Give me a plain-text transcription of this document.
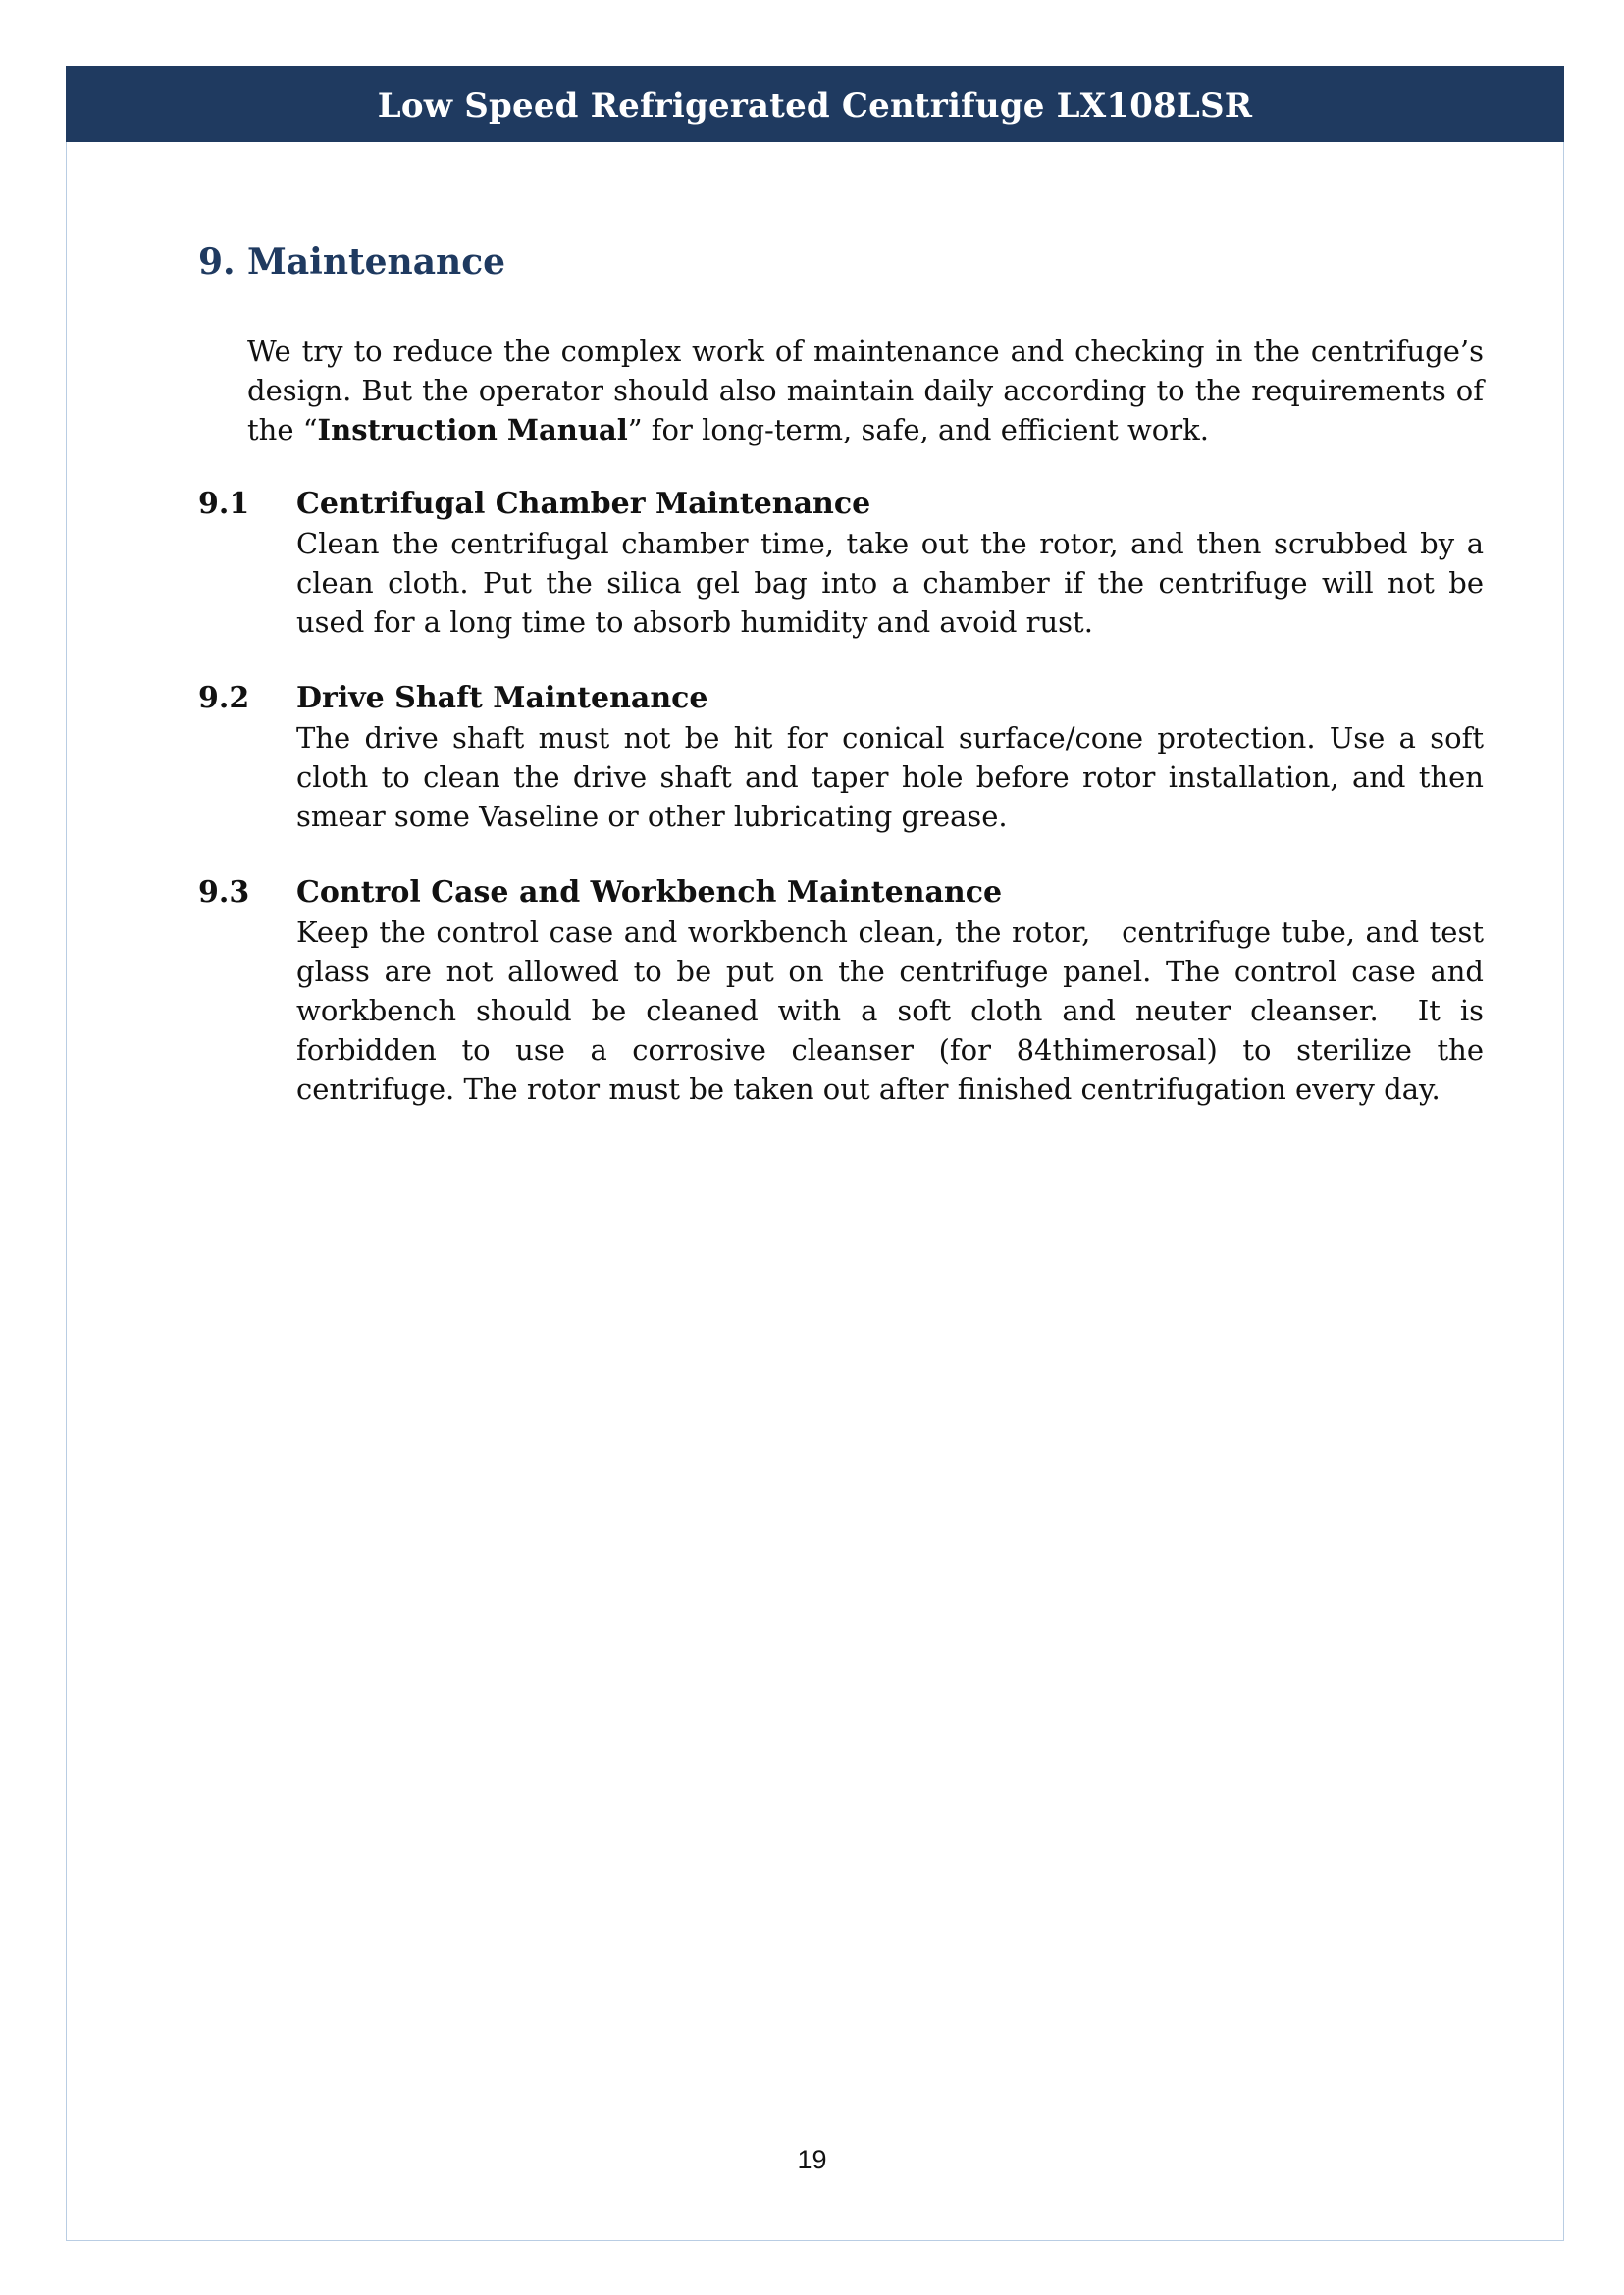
Low Speed Refrigerated Centrifuge LX108LSR
9. Maintenance

We try to reduce the complex work of maintenance and checking in the centrifuge’s design. But the operator should also maintain daily according to the requirements of the “Instruction Manual” for long-term, safe, and efficient work.

9.1	Centrifugal Chamber Maintenance

Clean the centrifugal chamber time, take out the rotor, and then scrubbed by a clean cloth. Put the silica gel bag into a chamber if the centrifuge will not be used for a long time to absorb humidity and avoid rust.

9.2	Drive Shaft Maintenance

The drive shaft must not be hit for conical surface/cone protection. Use a soft cloth to clean the drive shaft and taper hole before rotor installation, and then smear some Vaseline or other lubricating grease.

9.3	Control Case and Workbench Maintenance

Keep the control case and workbench clean, the rotor,   centrifuge tube, and test glass are not allowed to be put on the centrifuge panel. The control case and workbench should be cleaned with a soft cloth and neuter cleanser.  It is forbidden to use a corrosive cleanser (for 84thimerosal) to sterilize the centrifuge. The rotor must be taken out after finished centrifugation every day.

19
